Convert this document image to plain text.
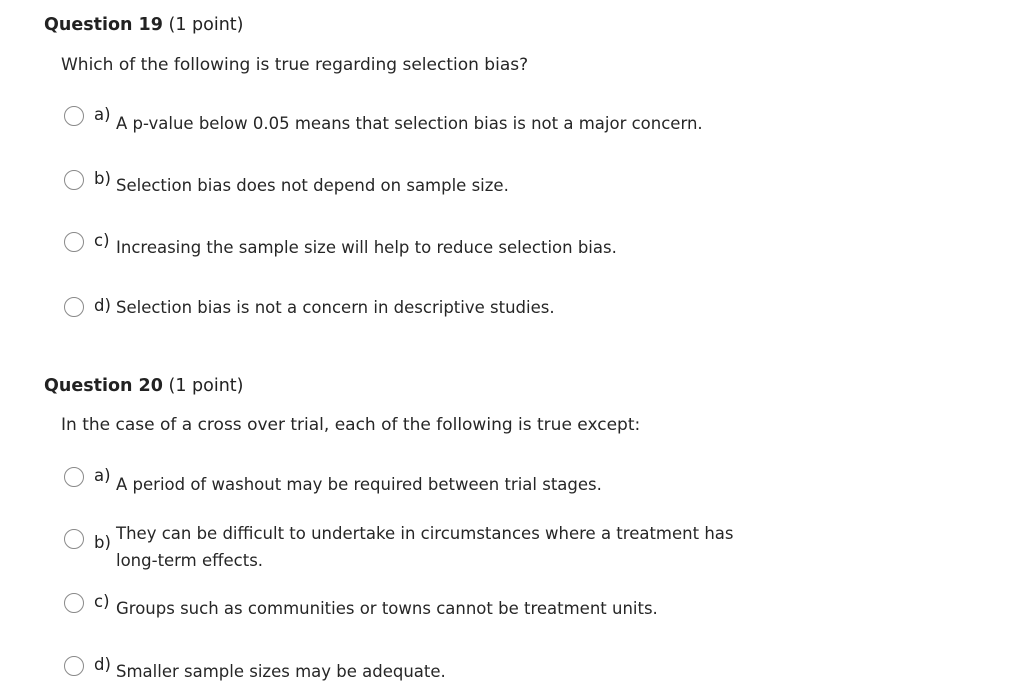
Question 19 (1 point)
Which of the following is true regarding selection bias?
a) A p-value below 0.05 means that selection bias is not a major concern.
b) Selection bias does not depend on sample size.
c) Increasing the sample size will help to reduce selection bias.
d) Selection bias is not a concern in descriptive studies.
Question 20 (1 point)
In the case of a cross over trial, each of the following is true except:
a) A period of washout may be required between trial stages.
b) They can be difficult to undertake in circumstances where a treatment has
long-term effects.
c) Groups such as communities or towns cannot be treatment units.
d) Smaller sample sizes may be adequate.
